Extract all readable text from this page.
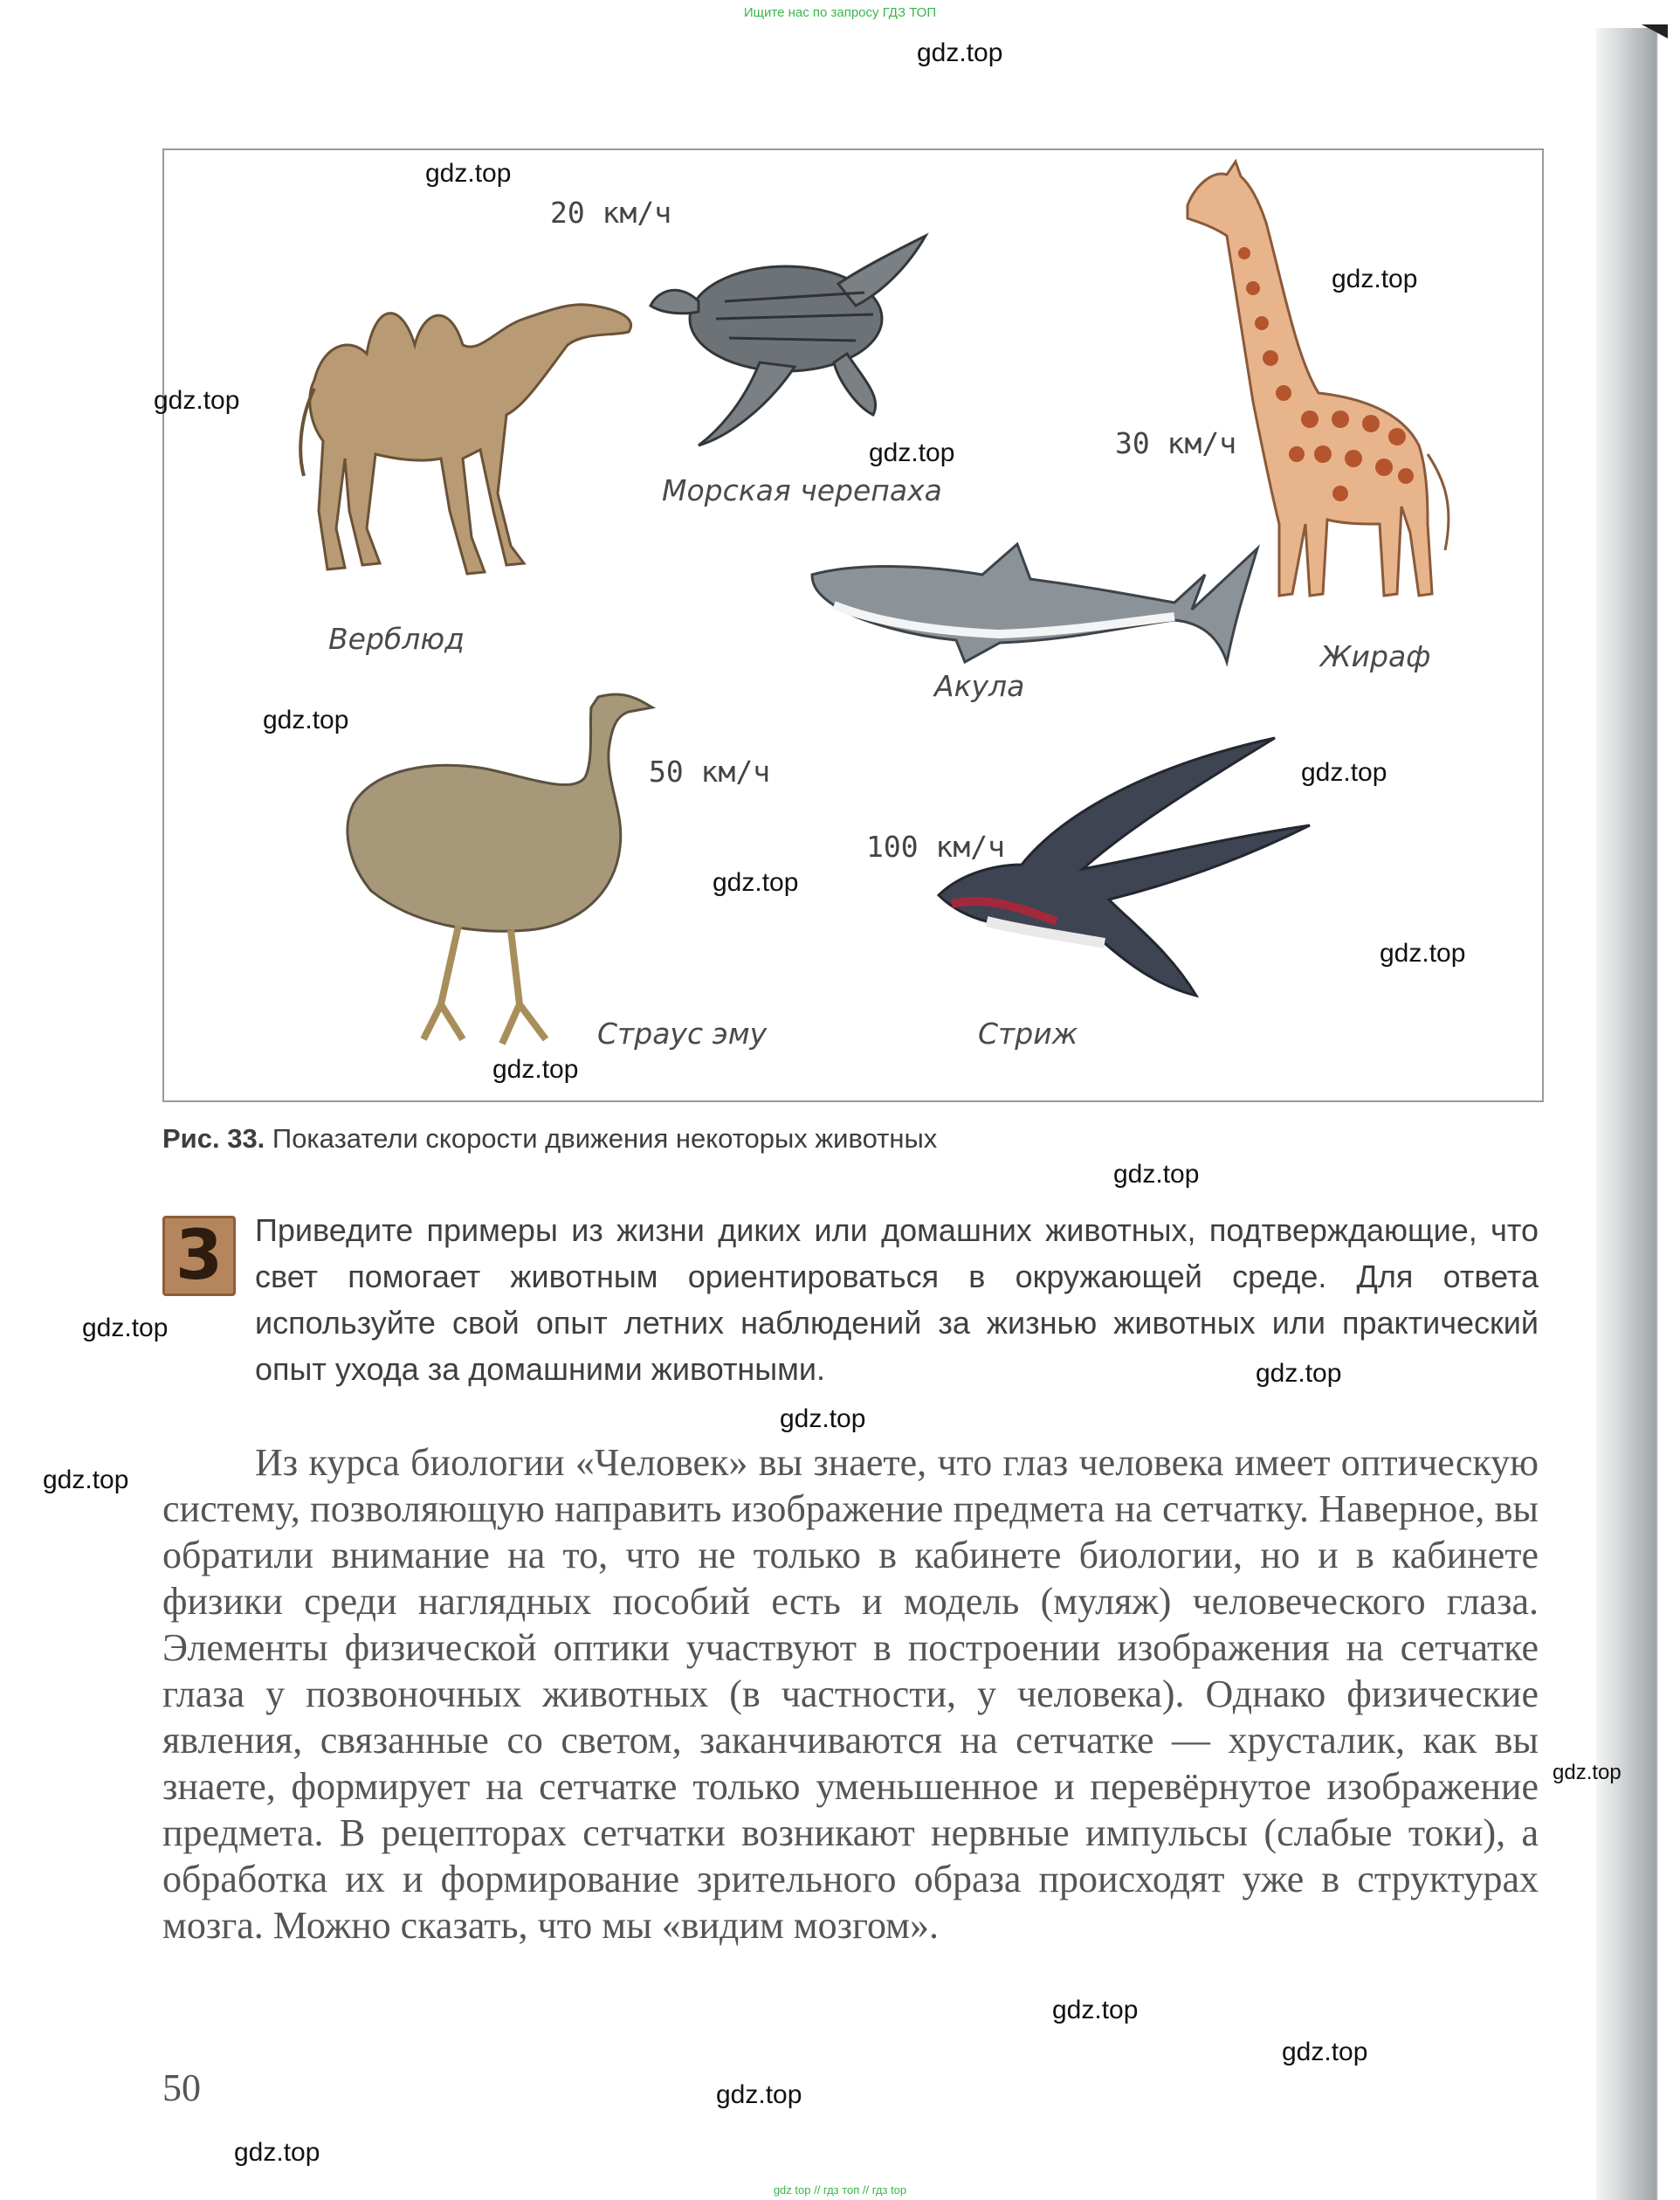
Ищите нас по запросу ГДЗ ТОП
20 км/ч
30 км/ч
50 км/ч
100 км/ч
Верблюд
Морская черепаха
Жираф
Акула
Страус эму	Стриж
Рис. 33. Показатели скорости движения некоторых животных
3	Приведите примеры из жизни диких или домашних животных, подтверждающие, что свет помогает животным ориентироваться в окружающей среде. Для ответа используйте свой опыт летних наблюдений за жизнью животных или практический опыт ухода за домашними животными.
Из курса биологии «Человек» вы знаете, что глаз человека имеет оптическую систему, позволяющую направить изображение предмета на сетчатку. Наверное, вы обратили внимание на то, что не только в кабинете биологии, но и в кабинете физики среди наглядных пособий есть и модель (муляж) человеческого глаза. Элементы физической оптики участвуют в построении изображения на сетчатке глаза у позвоночных животных (в частности, у человека). Однако физические явления, связанные со светом, заканчиваются на сетчатке — хрусталик, как вы знаете, формирует на сетчатке только уменьшенное и перевёрнутое изображение предмета. В рецепторах сетчатки возникают нервные импульсы (слабые токи), а обработка их и формирование зрительного образа происходят уже в структурах мозга. Можно сказать, что мы «видим мозгом».
50
gdz.top
gdz.top
gdz.top
gdz.top
gdz.top
gdz.top
gdz.top
gdz.top
gdz.top
gdz.top
gdz.top
gdz.top
gdz.top
gdz.top
gdz.top
gdz.top
gdz.top
gdz.top
gdz.top
gdz.top
gdz top // гдз топ // гдз top
